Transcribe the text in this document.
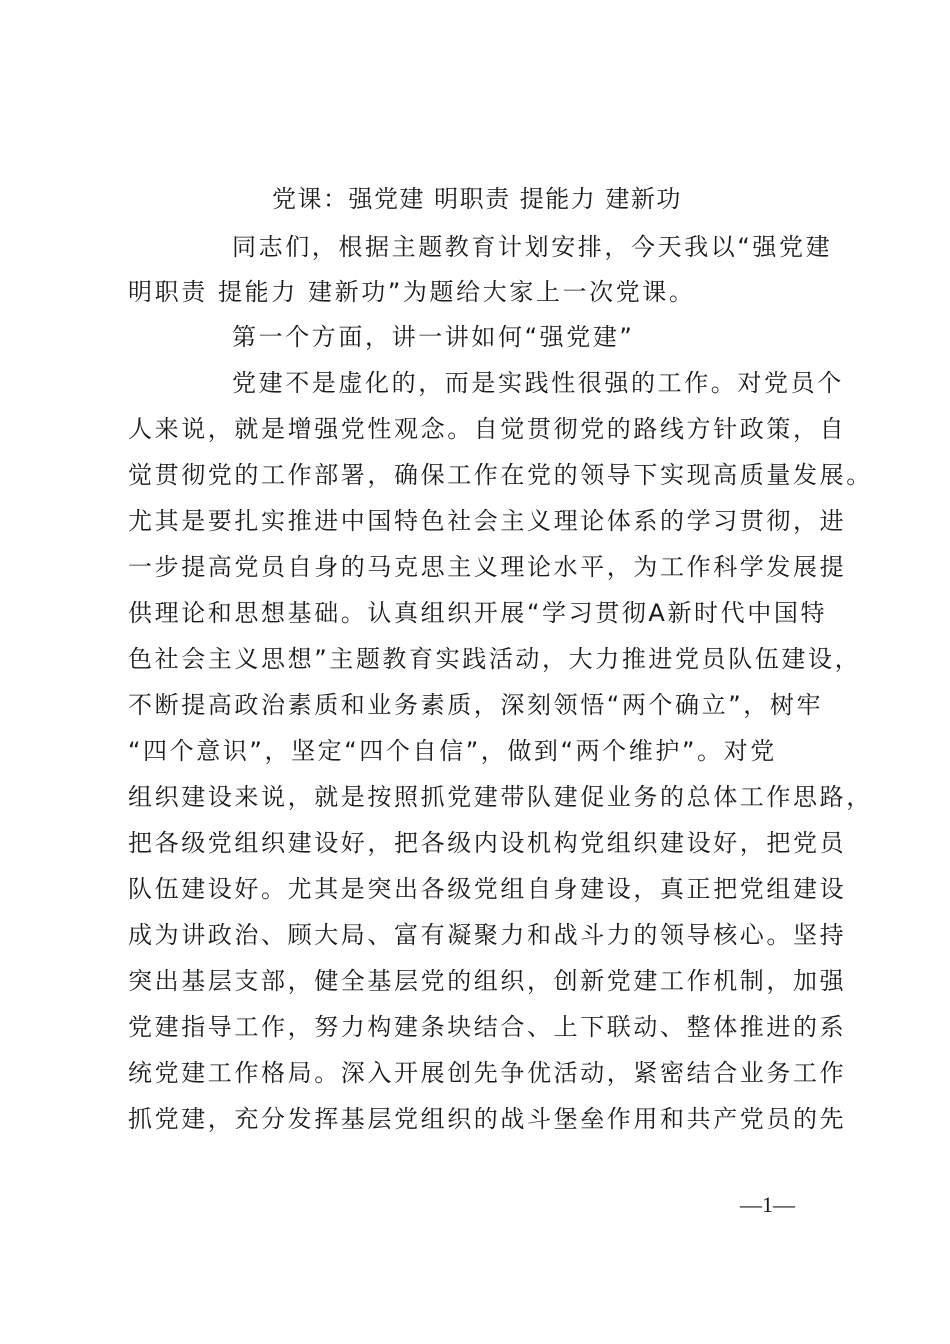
党课：强党建 明职责 提能力 建新功
同志们，根据主题教育计划安排，今天我以“强党建
明职责 提能力 建新功”为题给大家上一次党课。
第一个方面，讲一讲如何“强党建”
党建不是虚化的，而是实践性很强的工作。对党员个
人来说，就是增强党性观念。自觉贯彻党的路线方针政策，自
觉贯彻党的工作部署，确保工作在党的领导下实现高质量发展。
尤其是要扎实推进中国特色社会主义理论体系的学习贯彻，进
一步提高党员自身的马克思主义理论水平，为工作科学发展提
供理论和思想基础。认真组织开展“学习贯彻A新时代中国特
色社会主义思想”主题教育实践活动，大力推进党员队伍建设，
不断提高政治素质和业务素质，深刻领悟“两个确立”，树牢
“四个意识”，坚定“四个自信”，做到“两个维护”。对党
组织建设来说，就是按照抓党建带队建促业务的总体工作思路，
把各级党组织建设好，把各级内设机构党组织建设好，把党员
队伍建设好。尤其是突出各级党组自身建设，真正把党组建设
成为讲政治、顾大局、富有凝聚力和战斗力的领导核心。坚持
突出基层支部，健全基层党的组织，创新党建工作机制，加强
党建指导工作，努力构建条块结合、上下联动、整体推进的系
统党建工作格局。深入开展创先争优活动，紧密结合业务工作
抓党建，充分发挥基层党组织的战斗堡垒作用和共产党员的先
—1—
